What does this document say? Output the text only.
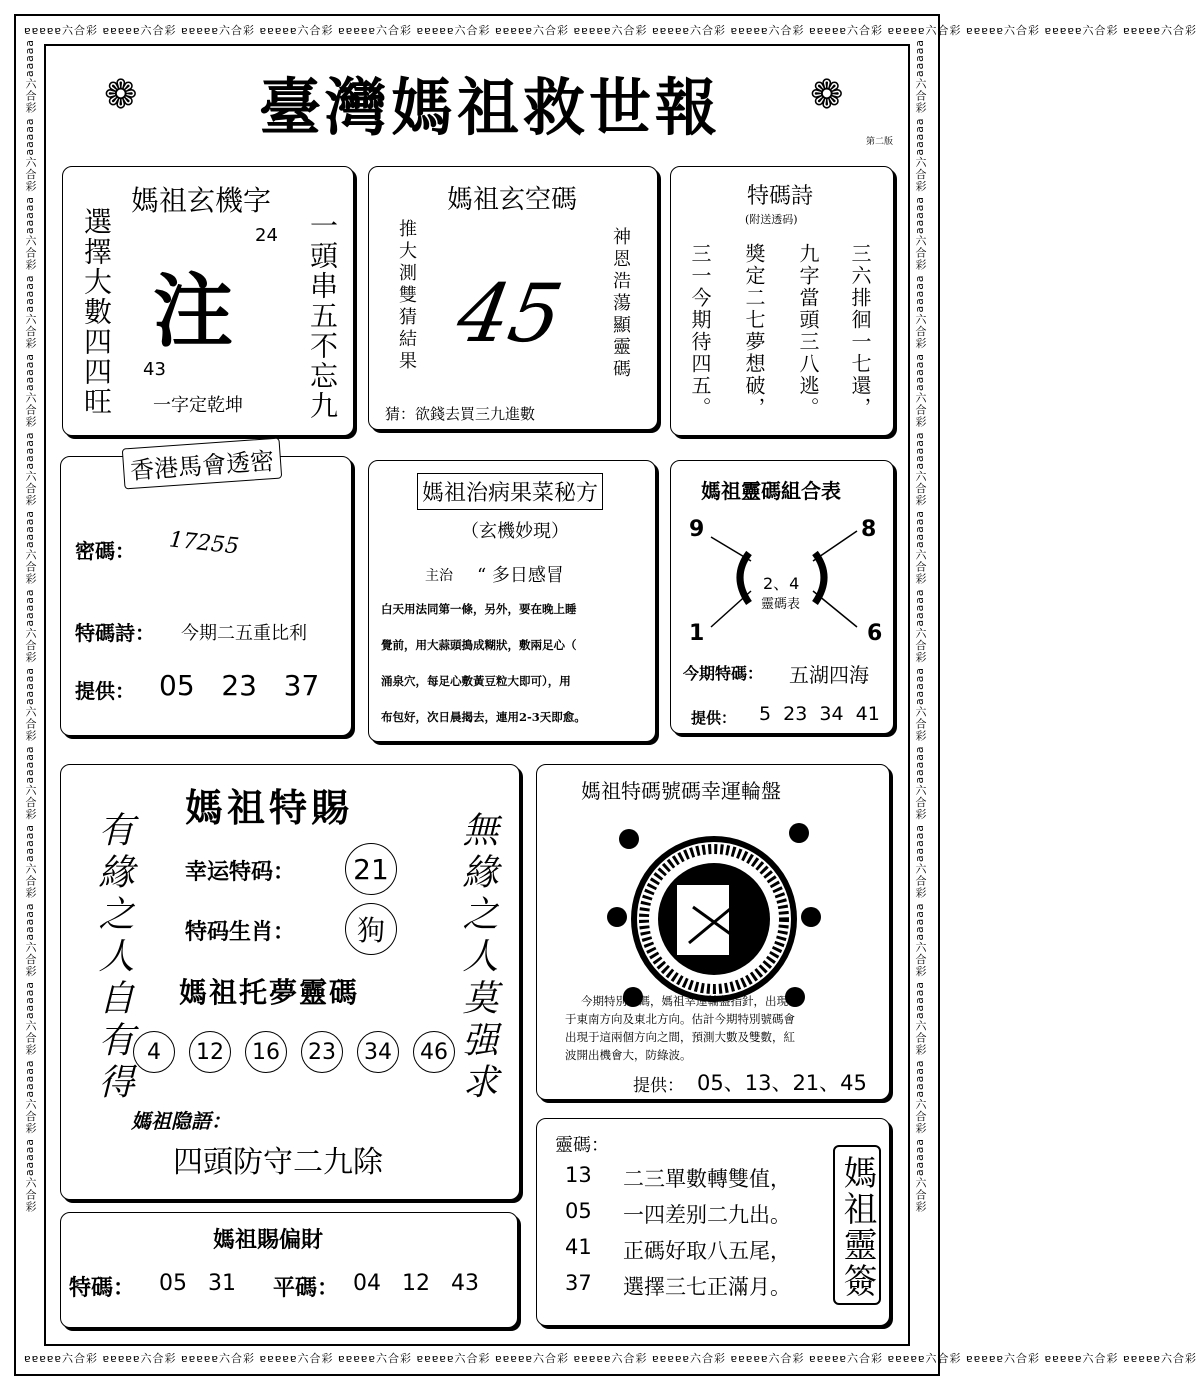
ɐɐɐɐɐ六合彩 ɐɐɐɐɐ六合彩 ɐɐɐɐɐ六合彩 ɐɐɐɐɐ六合彩 ɐɐɐɐɐ六合彩 ɐɐɐɐɐ六合彩 ɐɐɐɐɐ六合彩 ɐɐɐɐɐ六合彩 ɐɐɐɐɐ六合彩 ɐɐɐɐɐ六合彩 ɐɐɐɐɐ六合彩 ɐɐɐɐɐ六合彩 ɐɐɐɐɐ六合彩 ɐɐɐɐɐ六合彩 ɐɐɐɐɐ六合彩
ɐɐɐɐɐ六合彩 ɐɐɐɐɐ六合彩 ɐɐɐɐɐ六合彩 ɐɐɐɐɐ六合彩 ɐɐɐɐɐ六合彩 ɐɐɐɐɐ六合彩 ɐɐɐɐɐ六合彩 ɐɐɐɐɐ六合彩 ɐɐɐɐɐ六合彩 ɐɐɐɐɐ六合彩 ɐɐɐɐɐ六合彩 ɐɐɐɐɐ六合彩 ɐɐɐɐɐ六合彩 ɐɐɐɐɐ六合彩 ɐɐɐɐɐ六合彩
ɐɐɐɐɐ六合彩 ɐɐɐɐɐ六合彩 ɐɐɐɐɐ六合彩 ɐɐɐɐɐ六合彩 ɐɐɐɐɐ六合彩 ɐɐɐɐɐ六合彩 ɐɐɐɐɐ六合彩 ɐɐɐɐɐ六合彩 ɐɐɐɐɐ六合彩 ɐɐɐɐɐ六合彩 ɐɐɐɐɐ六合彩 ɐɐɐɐɐ六合彩 ɐɐɐɐɐ六合彩 ɐɐɐɐɐ六合彩 ɐɐɐɐɐ六合彩	ɐɐɐɐɐ六合彩 ɐɐɐɐɐ六合彩 ɐɐɐɐɐ六合彩 ɐɐɐɐɐ六合彩 ɐɐɐɐɐ六合彩 ɐɐɐɐɐ六合彩 ɐɐɐɐɐ六合彩 ɐɐɐɐɐ六合彩 ɐɐɐɐɐ六合彩 ɐɐɐɐɐ六合彩 ɐɐɐɐɐ六合彩 ɐɐɐɐɐ六合彩 ɐɐɐɐɐ六合彩 ɐɐɐɐɐ六合彩 ɐɐɐɐɐ六合彩
❁	臺灣媽祖救世報	❁
第二版
媽祖玄機字
選擇大數四四旺	一頭串五不忘九
注
24
43
一字定乾坤
媽祖玄空碼
推大測雙猜結果	神恩浩蕩顯靈碼
45
猜：欲錢去買三九進數
特碼詩
(附送透码)
三六排徊一七還，
九字當頭三八逃。
獎定二七夢想破，
三一今期待四五。
香港馬會透密
密碼： 17255
特碼詩： 今期二五重比利
提供： 05   23   37
媽祖治病果菜秘方
（玄機妙現）
主治 “ 多日感冒
白天用法同第一條，另外，要在晚上睡
覺前，用大蒜頭搗成糊狀，敷兩足心（
涌泉穴，每足心敷黃豆粒大即可），用
布包好，次日晨揭去，連用2-3天即愈。
媽祖靈碼組合表
9	8
1	6
2、4
靈碼表
今期特碼： 五湖四海
提供： 5  23  34  41
媽祖特賜
有緣之人自有得	無緣之人莫强求
幸运特码： 21
特码生肖：	狗
媽祖托夢靈碼
4	12	16	23	34	46
媽祖隐語：
四頭防守二九除
媽祖賜偏財
特碼： 05   31 平碼： 04   12   43
媽祖特碼號碼幸運輪盤
今期特別號碼，媽祖幸運輪盤指針，出現
于東南方向及東北方向。估計今期特別號碼會
出現于這兩個方向之間，預測大數及雙數，紅
波開出機會大，防綠波。
提供： 05、13、21、45
靈碼：
13 二三單數轉雙值，
05 一四差别二九出。
41 正碼好取八五尾，
37 選擇三七正滿月。 媽祖靈簽
